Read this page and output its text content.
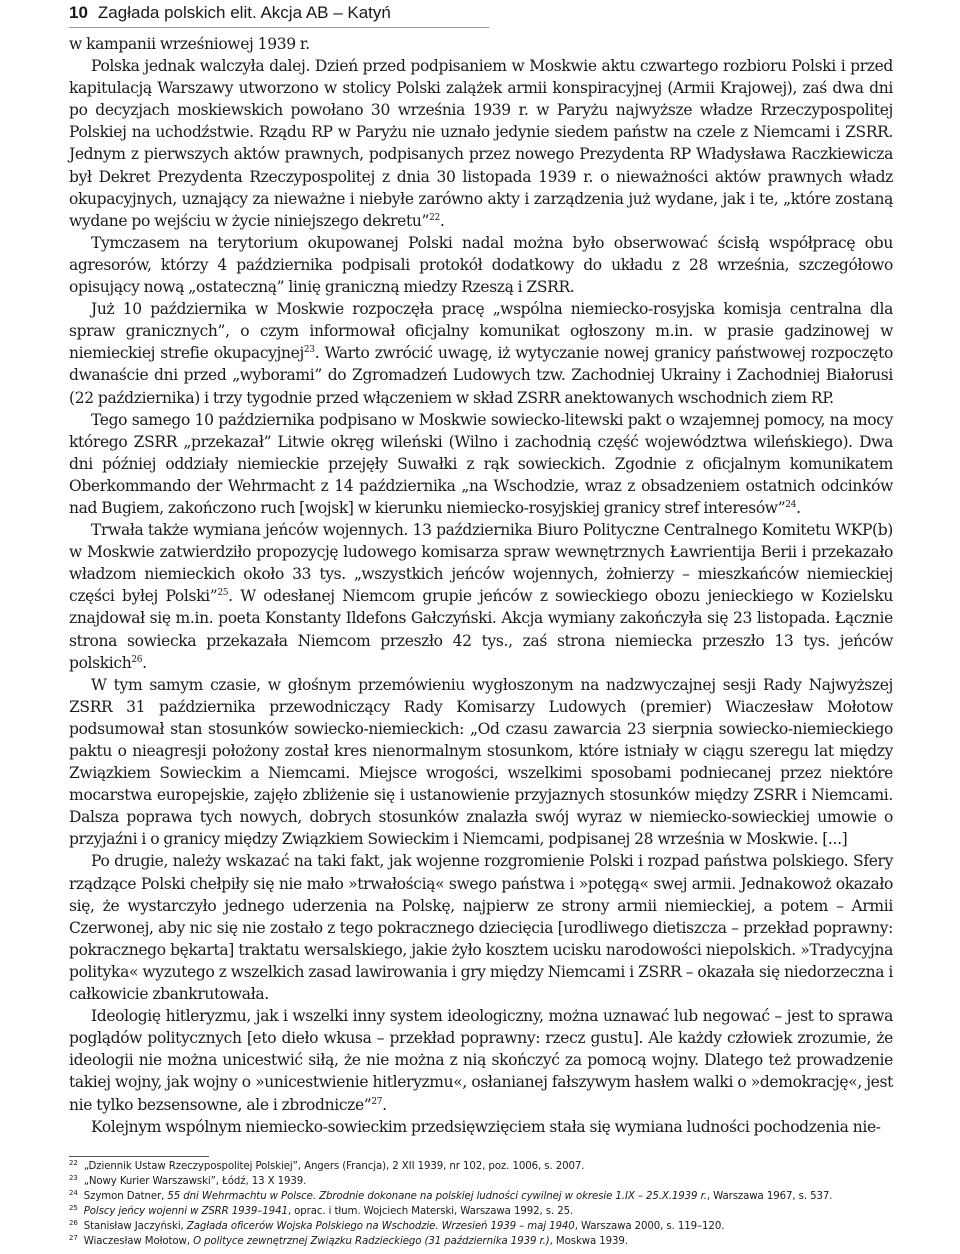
10 Zagłada polskich elit. Akcja AB – Katyń

w kampanii wrześniowej 1939 r.

Polska jednak walczyła dalej. Dzień przed podpisaniem w Moskwie aktu czwartego rozbioru Polski i przed kapitulacją Warszawy utworzono w stolicy Polski zalążek armii konspiracyjnej (Armii Krajowej), zaś dwa dni po decyzjach moskiewskich powołano 30 września 1939 r. w Paryżu najwyższe władze Rrzeczypospolitej Polskiej na uchodźstwie. Rządu RP w Paryżu nie uznało jedynie siedem państw na czele z Niemcami i ZSRR. Jednym z pierwszych aktów prawnych, podpisanych przez nowego Prezydenta RP Władysława Raczkiewicza był Dekret Prezydenta Rzeczypospolitej z dnia 30 listopada 1939 r. o nieważności aktów prawnych władz okupacyjnych, uznający za nieważne i niebyłe zarówno akty i zarządzenia już wydane, jak i te, „które zostaną wydane po wejściu w życie niniejszego dekretu”$^{22}$.

Tymczasem na terytorium okupowanej Polski nadal można było obserwować ścisłą współpracę obu agresorów, którzy 4 października podpisali protokół dodatkowy do układu z 28 września, szczegółowo opisujący nową „ostateczną” linię graniczną miedzy Rzeszą i ZSRR.

Już 10 października w Moskwie rozpoczęła pracę „wspólna niemiecko-rosyjska komisja centralna dla spraw granicznych”, o czym informował oficjalny komunikat ogłoszony m.in. w prasie gadzinowej w niemieckiej strefie okupacyjnej$^{23}$. Warto zwrócić uwagę, iż wytyczanie nowej granicy państwowej rozpoczęto dwanaście dni przed „wyborami” do Zgromadzeń Ludowych tzw. Zachodniej Ukrainy i Zachodniej Białorusi (22 października) i trzy tygodnie przed włączeniem w skład ZSRR anektowanych wschodnich ziem RP.

Tego samego 10 października podpisano w Moskwie sowiecko-litewski pakt o wzajemnej pomocy, na mocy którego ZSRR „przekazał” Litwie okręg wileński (Wilno i zachodnią część województwa wileńskiego). Dwa dni później oddziały niemieckie przejęły Suwałki z rąk sowieckich. Zgodnie z oficjalnym komunikatem Oberkommando der Wehrmacht z 14 października „na Wschodzie, wraz z obsadzeniem ostatnich odcinków nad Bugiem, zakończono ruch [wojsk] w kierunku niemiecko-rosyjskiej granicy stref interesów”$^{24}$.

Trwała także wymiana jeńców wojennych. 13 października Biuro Polityczne Centralnego Komitetu WKP(b) w Moskwie zatwierdziło propozycję ludowego komisarza spraw wewnętrznych Ławrientija Berii i przekazało władzom niemieckich około 33 tys. „wszystkich jeńców wojennych, żołnierzy – mieszkańców niemieckiej części byłej Polski”$^{25}$. W odesłanej Niemcom grupie jeńców z sowieckiego obozu jenieckiego w Kozielsku znajdował się m.in. poeta Konstanty Ildefons Gałczyński. Akcja wymiany zakończyła się 23 listopada. Łącznie strona sowiecka przekazała Niemcom przeszło 42 tys., zaś strona niemiecka przeszło 13 tys. jeńców polskich$^{26}$.

W tym samym czasie, w głośnym przemówieniu wygłoszonym na nadzwyczajnej sesji Rady Najwyższej ZSRR 31 października przewodniczący Rady Komisarzy Ludowych (premier) Wiaczesław Mołotow podsumował stan stosunków sowiecko-niemieckich: „Od czasu zawarcia 23 sierpnia sowiecko-niemieckiego paktu o nieagresji położony został kres nienormalnym stosunkom, które istniały w ciągu szeregu lat między Związkiem Sowieckim a Niemcami. Miejsce wrogości, wszelkimi sposobami podniecanej przez niektóre mocarstwa europejskie, zajęło zbliżenie się i ustanowienie przyjaznych stosunków między ZSRR i Niemcami. Dalsza poprawa tych nowych, dobrych stosunków znalazła swój wyraz w niemiecko-sowieckiej umowie o przyjaźni i o granicy między Związkiem Sowieckim i Niemcami, podpisanej 28 września w Moskwie. [...]

Po drugie, należy wskazać na taki fakt, jak wojenne rozgromienie Polski i rozpad państwa polskiego. Sfery rządzące Polski chełpiły się nie mało »trwałością« swego państwa i »potęgą« swej armii. Jednakowoż okazało się, że wystarczyło jednego uderzenia na Polskę, najpierw ze strony armii niemieckiej, a potem – Armii Czerwonej, aby nic się nie zostało z tego pokracznego dziecięcia [urodliwego dietiszcza – przekład poprawny: pokracznego bękarta] traktatu wersalskiego, jakie żyło kosztem ucisku narodowości niepolskich. »Tradycyjna polityka« wyzutego z wszelkich zasad lawirowania i gry między Niemcami i ZSRR – okazała się niedorzeczna i całkowicie zbankrutowała.

Ideologię hitleryzmu, jak i wszelki inny system ideologiczny, można uznawać lub negować – jest to sprawa poglądów politycznych [eto dieło wkusa – przekład poprawny: rzecz gustu]. Ale każdy człowiek zrozumie, że ideologii nie można unicestwić siłą, że nie można z nią skończyć za pomocą wojny. Dlatego też prowadzenie takiej wojny, jak wojny o »unicestwienie hitleryzmu«, osłanianej fałszywym hasłem walki o »demokrację«, jest nie tylko bezsensowne, ale i zbrodnicze”$^{27}$.

Kolejnym wspólnym niemiecko-sowieckim przedsięwzięciem stała się wymiana ludności pochodzenia nie-

$^{22}$ „Dziennik Ustaw Rzeczypospolitej Polskiej”, Angers (Francja), 2 XII 1939, nr 102, poz. 1006, s. 2007.

$^{23}$ „Nowy Kurier Warszawski”, Łódź, 13 X 1939.

$^{24}$ Szymon Datner, 55 dni Wehrmachtu w Polsce. Zbrodnie dokonane na polskiej ludności cywilnej w okresie 1.IX – 25.X.1939 r., Warszawa 1967, s. 537.

$^{25}$ Polscy jeńcy wojenni w ZSRR 1939–1941, oprac. i tłum. Wojciech Materski, Warszawa 1992, s. 25.

$^{26}$ Stanisław Jaczyński, Zagłada oficerów Wojska Polskiego na Wschodzie. Wrzesień 1939 – maj 1940, Warszawa 2000, s. 119–120.

$^{27}$ Wiaczesław Mołotow, O polityce zewnętrznej Związku Radzieckiego (31 października 1939 r.), Moskwa 1939.
